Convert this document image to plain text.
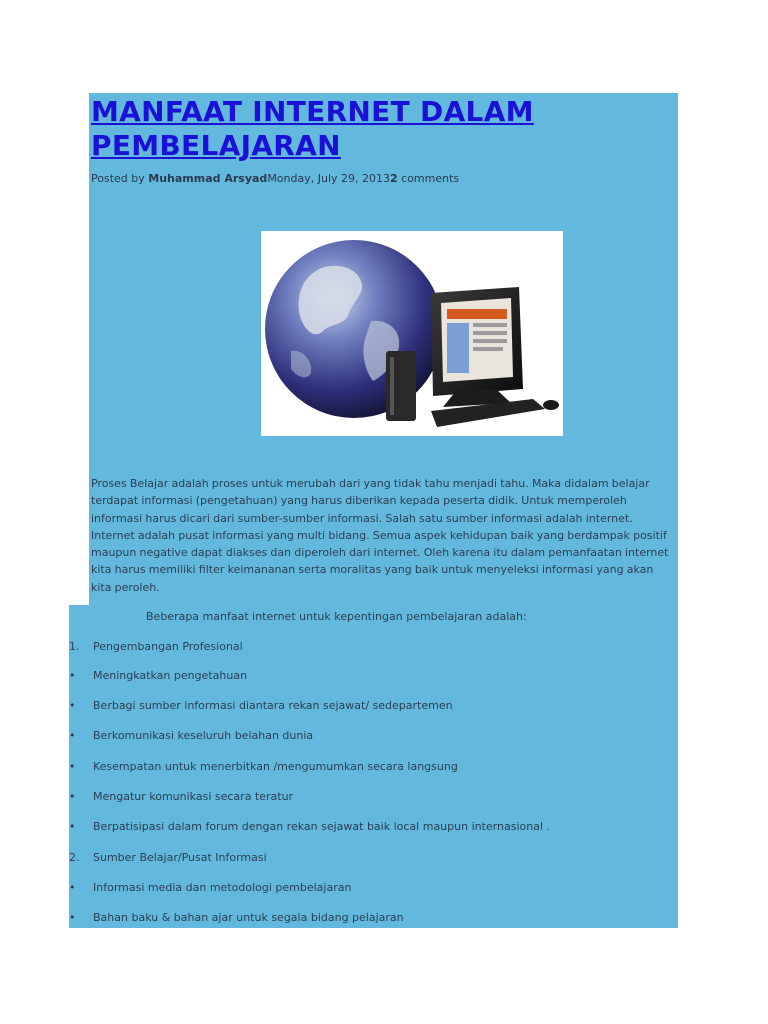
MANFAAT INTERNET DALAM PEMBELAJARAN
Posted by Muhammad ArsyadMonday, July 29, 20132 comments

Proses Belajar adalah proses untuk merubah dari yang tidak tahu menjadi tahu. Maka didalam belajar terdapat informasi (pengetahuan) yang harus diberikan kepada peserta didik. Untuk memperoleh informasi harus dicari dari sumber-sumber informasi. Salah satu sumber informasi adalah internet. Internet adalah pusat informasi yang multi bidang. Semua aspek kehidupan baik yang berdampak positif maupun negative dapat diakses dan diperoleh dari internet. Oleh karena itu dalam pemanfaatan internet kita harus memiliki filter keimananan serta moralitas yang baik untuk menyeleksi informasi yang akan kita peroleh.

Beberapa manfaat internet untuk kepentingan pembelajaran adalah:
1. Pengembangan Profesional
• Meningkatkan pengetahuan
• Berbagi sumber informasi diantara rekan sejawat/ sedepartemen
• Berkomunikasi keseluruh belahan dunia
• Kesempatan untuk menerbitkan /mengumumkan secara langsung
• Mengatur komunikasi secara teratur
• Berpatisipasi dalam forum dengan rekan sejawat baik local maupun internasional .
2. Sumber Belajar/Pusat Informasi
• Informasi media dan metodologi pembelajaran
• Bahan baku & bahan ajar untuk segala bidang pelajaran
